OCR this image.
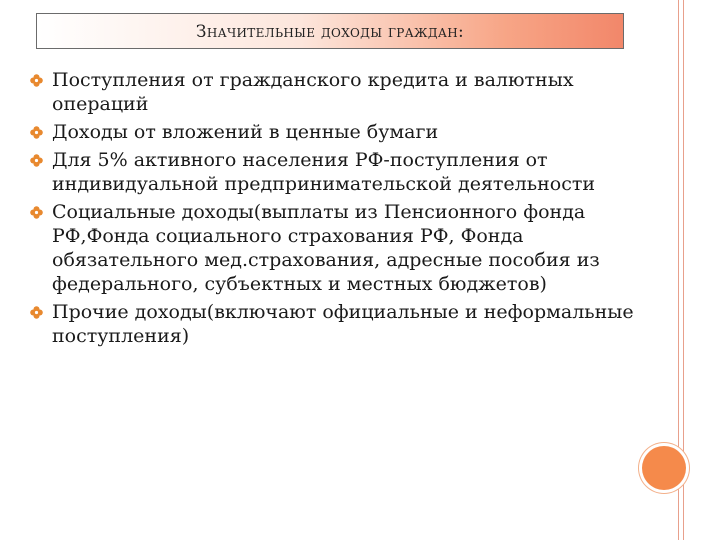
Значительные доходы граждан:
Поступления от гражданского кредита и валютных операций
Доходы от вложений в ценные бумаги
Для 5% активного населения РФ-поступления от индивидуальной предпринимательской деятельности
Социальные доходы(выплаты из Пенсионного фонда РФ,Фонда социального страхования РФ, Фонда обязательного мед.страхования, адресные пособия из федерального, субъектных и местных бюджетов)
Прочие доходы(включают официальные и неформальные поступления)
